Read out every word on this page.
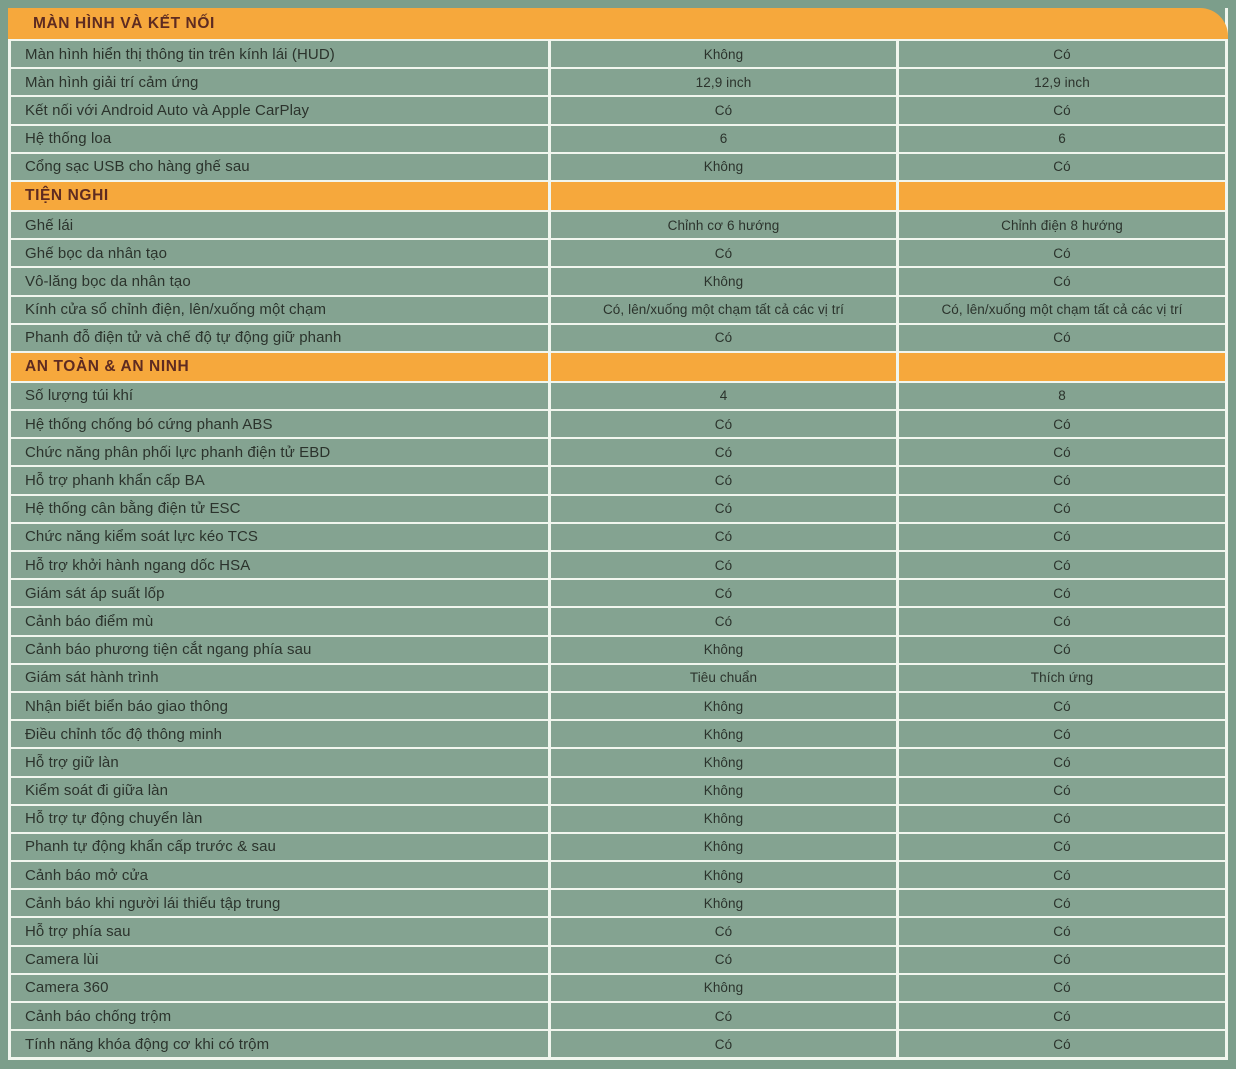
MÀN HÌNH VÀ KẾT NỐI
Màn hình hiển thị thông tin trên kính lái (HUD)	Không	Có
Màn hình giải trí cảm ứng	12,9 inch	12,9 inch
Kết nối với Android Auto và Apple CarPlay	Có	Có
Hệ thống loa	6	6
Cổng sạc USB cho hàng ghế sau	Không	Có
TIỆN NGHI
Ghế lái	Chỉnh cơ 6 hướng	Chỉnh điện 8 hướng
Ghế bọc da nhân tạo	Có	Có
Vô-lăng bọc da nhân tạo	Không	Có
Kính cửa sổ chỉnh điện, lên/xuống một chạm	Có, lên/xuống một chạm tất cả các vị trí	Có, lên/xuống một chạm tất cả các vị trí
Phanh đỗ điện tử và chế độ tự động giữ phanh	Có	Có
AN TOÀN & AN NINH
Số lượng túi khí	4	8
Hệ thống chống bó cứng phanh ABS	Có	Có
Chức năng phân phối lực phanh điện tử EBD	Có	Có
Hỗ trợ phanh khẩn cấp BA	Có	Có
Hệ thống cân bằng điện tử ESC	Có	Có
Chức năng kiểm soát lực kéo TCS	Có	Có
Hỗ trợ khởi hành ngang dốc HSA	Có	Có
Giám sát áp suất lốp	Có	Có
Cảnh báo điểm mù	Có	Có
Cảnh báo phương tiện cắt ngang phía sau	Không	Có
Giám sát hành trình	Tiêu chuẩn	Thích ứng
Nhận biết biển báo giao thông	Không	Có
Điều chỉnh tốc độ thông minh	Không	Có
Hỗ trợ giữ làn	Không	Có
Kiểm soát đi giữa làn	Không	Có
Hỗ trợ tự động chuyển làn	Không	Có
Phanh tự động khẩn cấp trước & sau	Không	Có
Cảnh báo mở cửa	Không	Có
Cảnh báo khi người lái thiếu tập trung	Không	Có
Hỗ trợ phía sau	Có	Có
Camera lùi	Có	Có
Camera 360	Không	Có
Cảnh báo chống trộm	Có	Có
Tính năng khóa động cơ khi có trộm	Có	Có
